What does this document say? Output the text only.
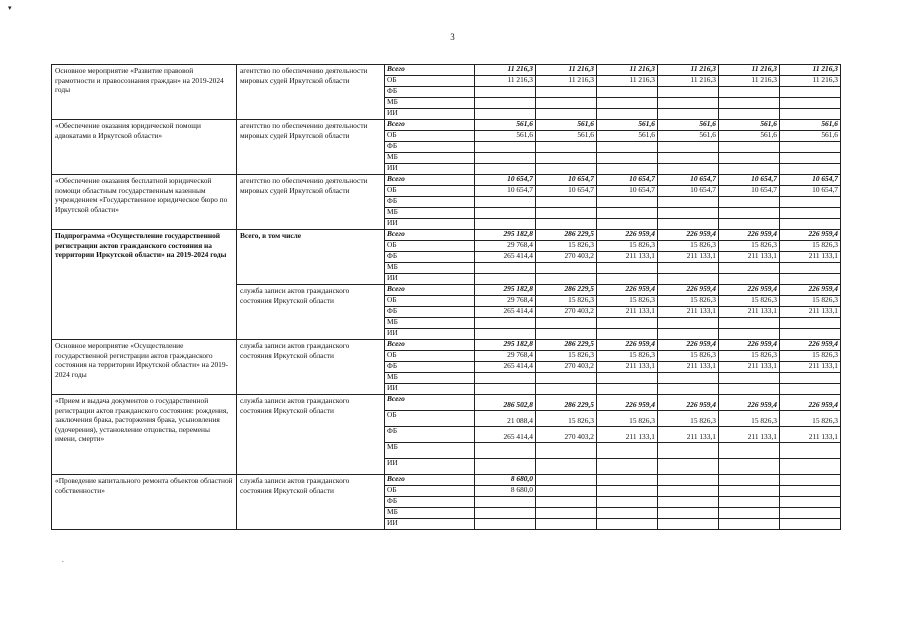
3
▾
.
Основное мероприятие «Развитие правовой грамотности и правосознания граждан» на 2019-2024 годы	агентство по обеспечению деятельности мировых судей Иркутской области	Всего	11 216,3	11 216,3	11 216,3	11 216,3	11 216,3	11 216,3
		ОБ	11 216,3	11 216,3	11 216,3	11 216,3	11 216,3	11 216,3
		ФБ						
		МБ						
		ИИ						
«Обеспечение оказания юридической помощи адвокатами в Иркутской области»	агентство по обеспечению деятельности мировых судей Иркутской области	Всего	561,6	561,6	561,6	561,6	561,6	561,6
		ОБ	561,6	561,6	561,6	561,6	561,6	561,6
		ФБ						
		МБ						
		ИИ						
«Обеспечение оказания бесплатной юридической помощи областным государственным казенным учреждением «Государственное юридическое бюро по Иркутской области»	агентство по обеспечению деятельности мировых судей Иркутской области	Всего	10 654,7	10 654,7	10 654,7	10 654,7	10 654,7	10 654,7
		ОБ	10 654,7	10 654,7	10 654,7	10 654,7	10 654,7	10 654,7
		ФБ						
		МБ						
		ИИ						
Подпрограмма «Осуществление государственной регистрации актов гражданского состояния на территории Иркутской области» на 2019-2024 годы	Всего, в том числе	Всего	295 182,8	286 229,5	226 959,4	226 959,4	226 959,4	226 959,4
		ОБ	29 768,4	15 826,3	15 826,3	15 826,3	15 826,3	15 826,3
		ФБ	265 414,4	270 403,2	211 133,1	211 133,1	211 133,1	211 133,1
		МБ						
		ИИ						
	служба записи актов гражданского состояния Иркутской области	Всего	295 182,8	286 229,5	226 959,4	226 959,4	226 959,4	226 959,4
		ОБ	29 768,4	15 826,3	15 826,3	15 826,3	15 826,3	15 826,3
		ФБ	265 414,4	270 403,2	211 133,1	211 133,1	211 133,1	211 133,1
		МБ						
		ИИ						
Основное мероприятие «Осуществление государственной регистрации актов гражданского состояния на территории Иркутской области» на 2019-2024 годы	служба записи актов гражданского состояния Иркутской области	Всего	295 182,8	286 229,5	226 959,4	226 959,4	226 959,4	226 959,4
		ОБ	29 768,4	15 826,3	15 826,3	15 826,3	15 826,3	15 826,3
		ФБ	265 414,4	270 403,2	211 133,1	211 133,1	211 133,1	211 133,1
		МБ						
		ИИ						
«Прием и выдача документов о государственной регистрации актов гражданского состояния: рождения, заключения брака, расторжения брака, усыновления (удочерения), установление отцовства, перемены имени, смерти»	служба записи актов гражданского состояния Иркутской области	Всего	286 502,8	286 229,5	226 959,4	226 959,4	226 959,4	226 959,4
		ОБ	21 088,4	15 826,3	15 826,3	15 826,3	15 826,3	15 826,3
		ФБ	265 414,4	270 403,2	211 133,1	211 133,1	211 133,1	211 133,1
		МБ						
		ИИ						
«Проведение капитального ремонта объектов областной собственности»	служба записи актов гражданского состояния Иркутской области	Всего	8 680,0					
		ОБ	8 680,0					
		ФБ						
		МБ						
		ИИ						
